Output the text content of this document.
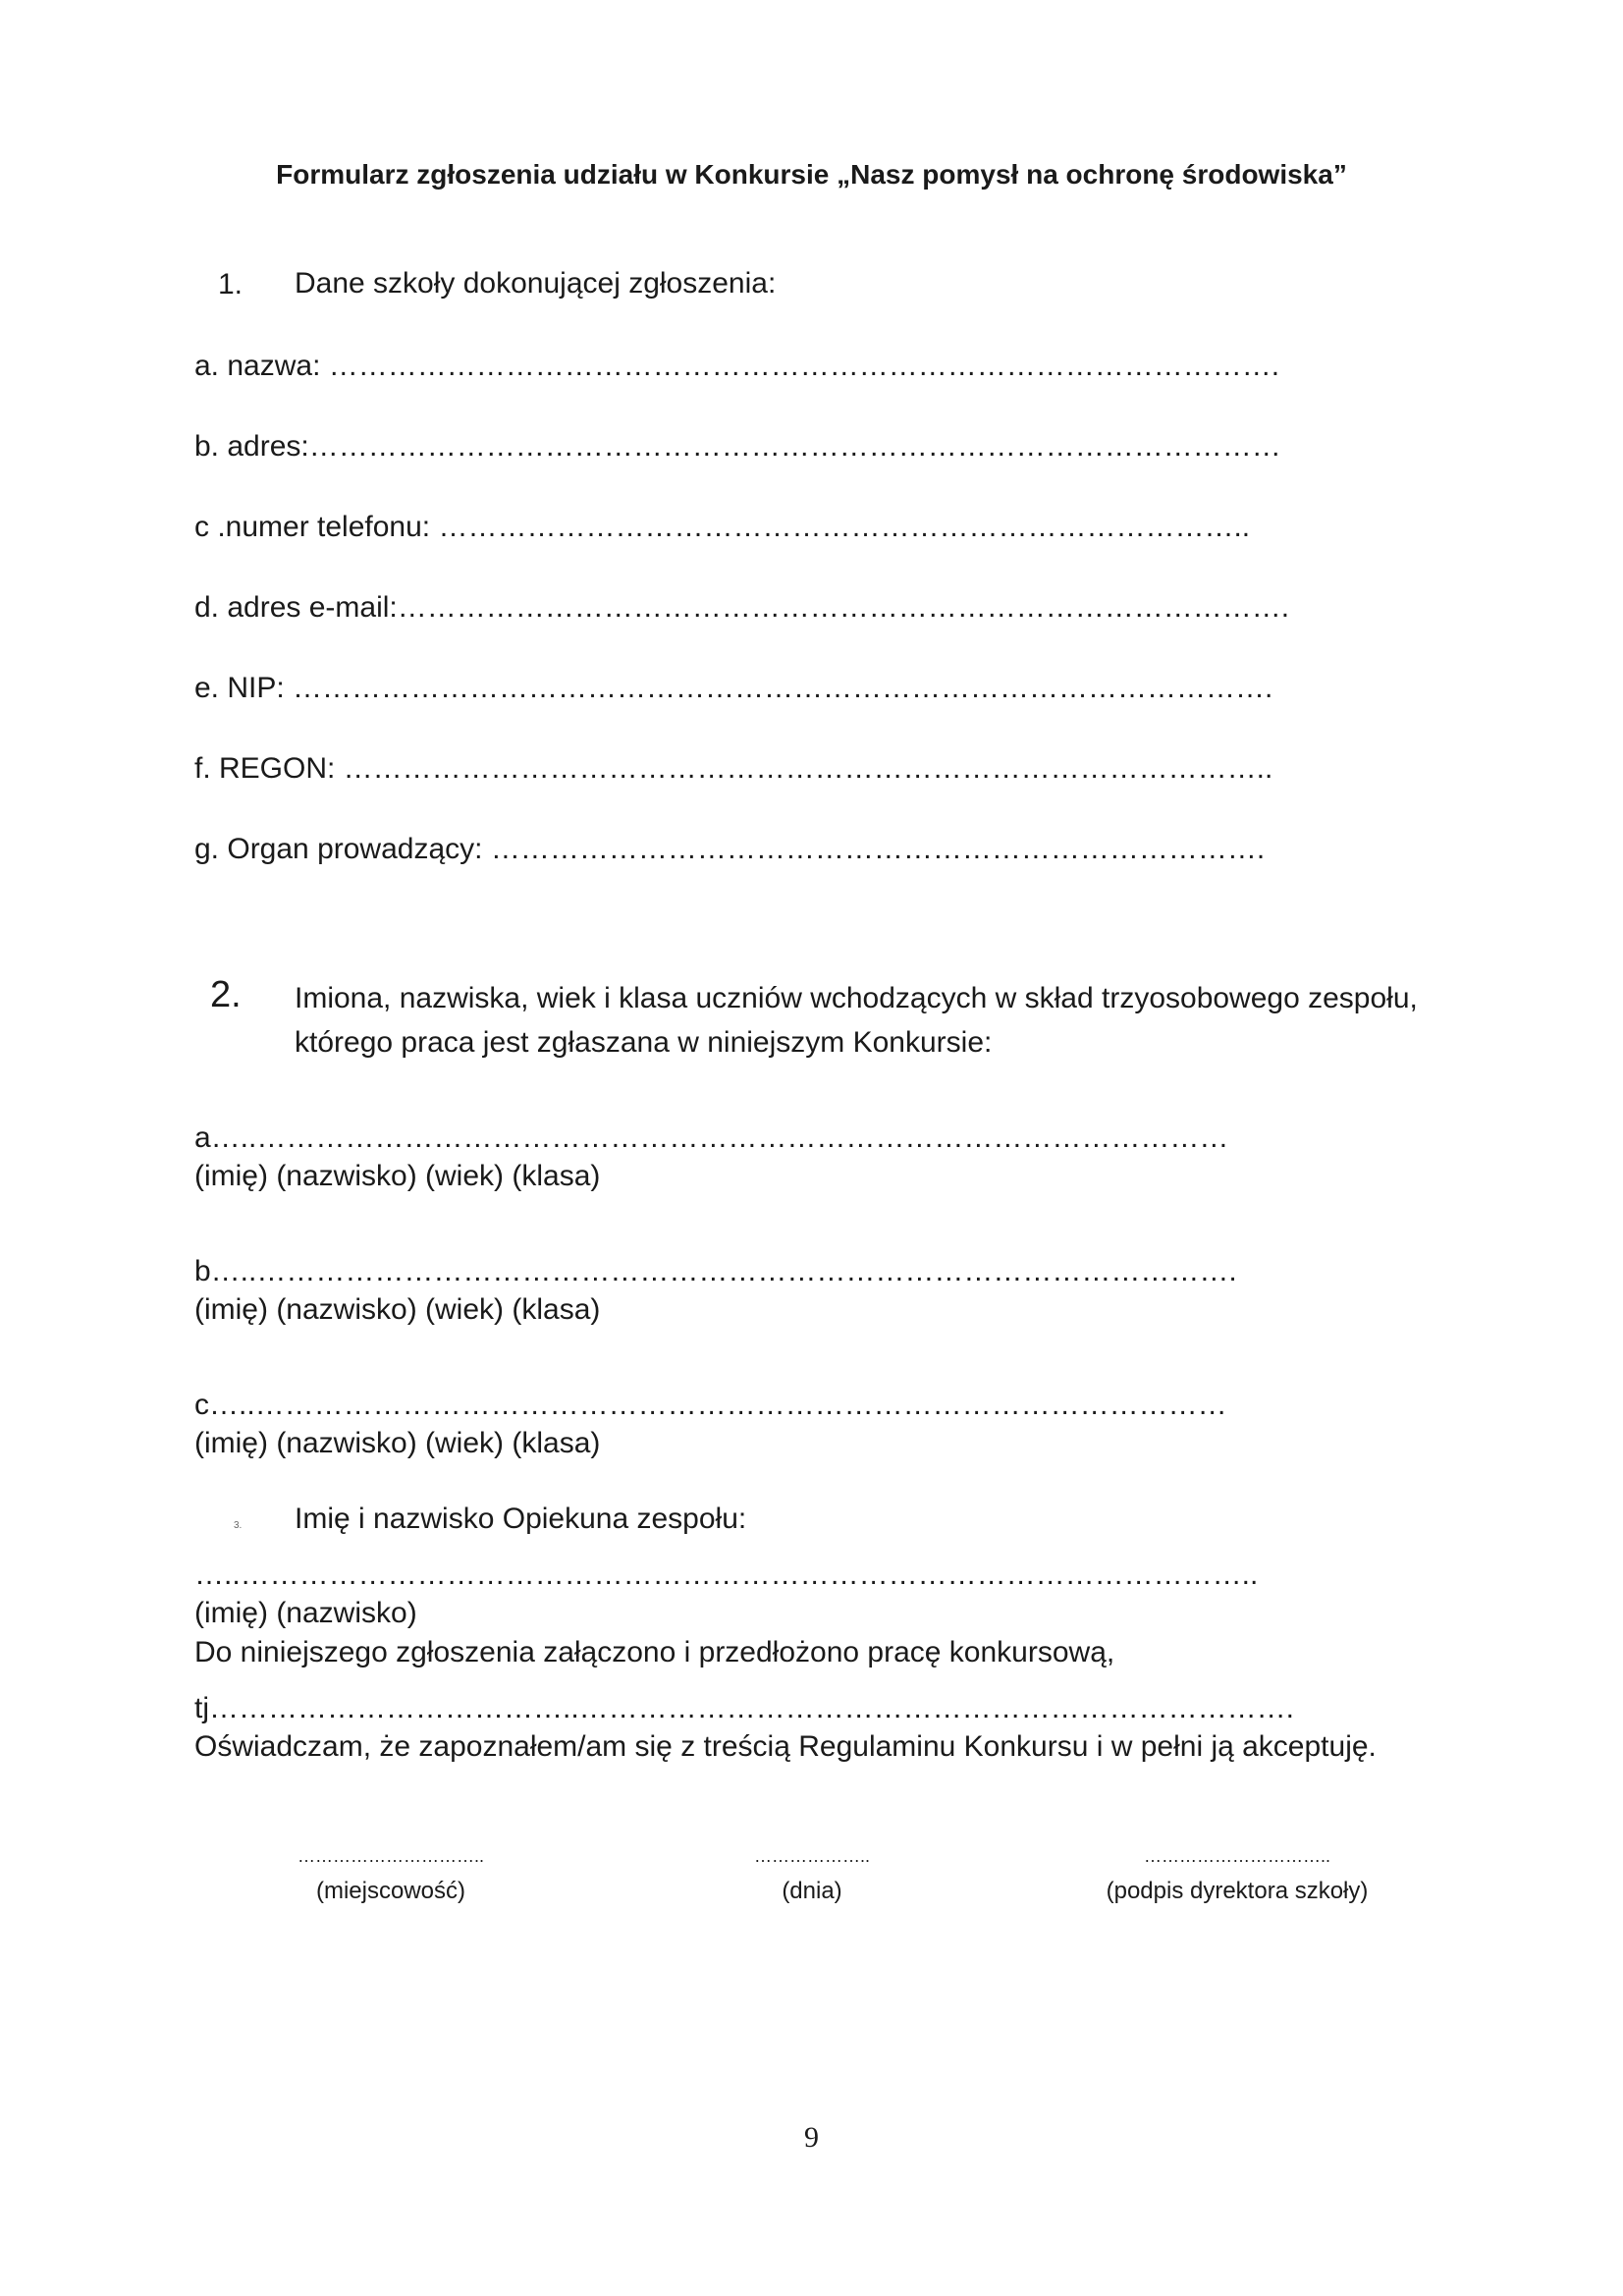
Formularz zgłoszenia udziału w Konkursie „Nasz pomysł na ochronę środowiska”
1. Dane szkoły dokonującej zgłoszenia:
a. nazwa: …………………………………………………………………………………….
b. adres:………………………………………………………………………………………
c .numer telefonu: ………………………………………………………………………..
d. adres e-mail:……………………………………………………………………………….
e. NIP: ……………………………………………………………………………………….
f. REGON: …………………………………………………………………………………..
g. Organ prowadzący: …………………………………………………………………….
2. Imiona, nazwiska, wiek i klasa uczniów wchodzących w skład trzyosobowego zespołu,
którego praca jest zgłaszana w niniejszym Konkursie:
a…..………………………………………………………………………………………
(imię) (nazwisko) (wiek) (klasa)
b…..……………………………………………………………………………………….
(imię) (nazwisko) (wiek) (klasa)
c…..………………………………………………………………………………………
(imię) (nazwisko) (wiek) (klasa)
3. Imię i nazwisko Opiekuna zespołu:
…..…………………………………………………………………………………………..
(imię) (nazwisko)
Do niniejszego zgłoszenia załączono i przedłożono pracę konkursową,
tj………………………………..……………………………………………………………….
Oświadczam, że zapoznałem/am się z treścią Regulaminu Konkursu i w pełni ją akceptuję.
…………………………..
(miejscowość)
………………..
(dnia)
…………………………..
(podpis dyrektora szkoły)
9
